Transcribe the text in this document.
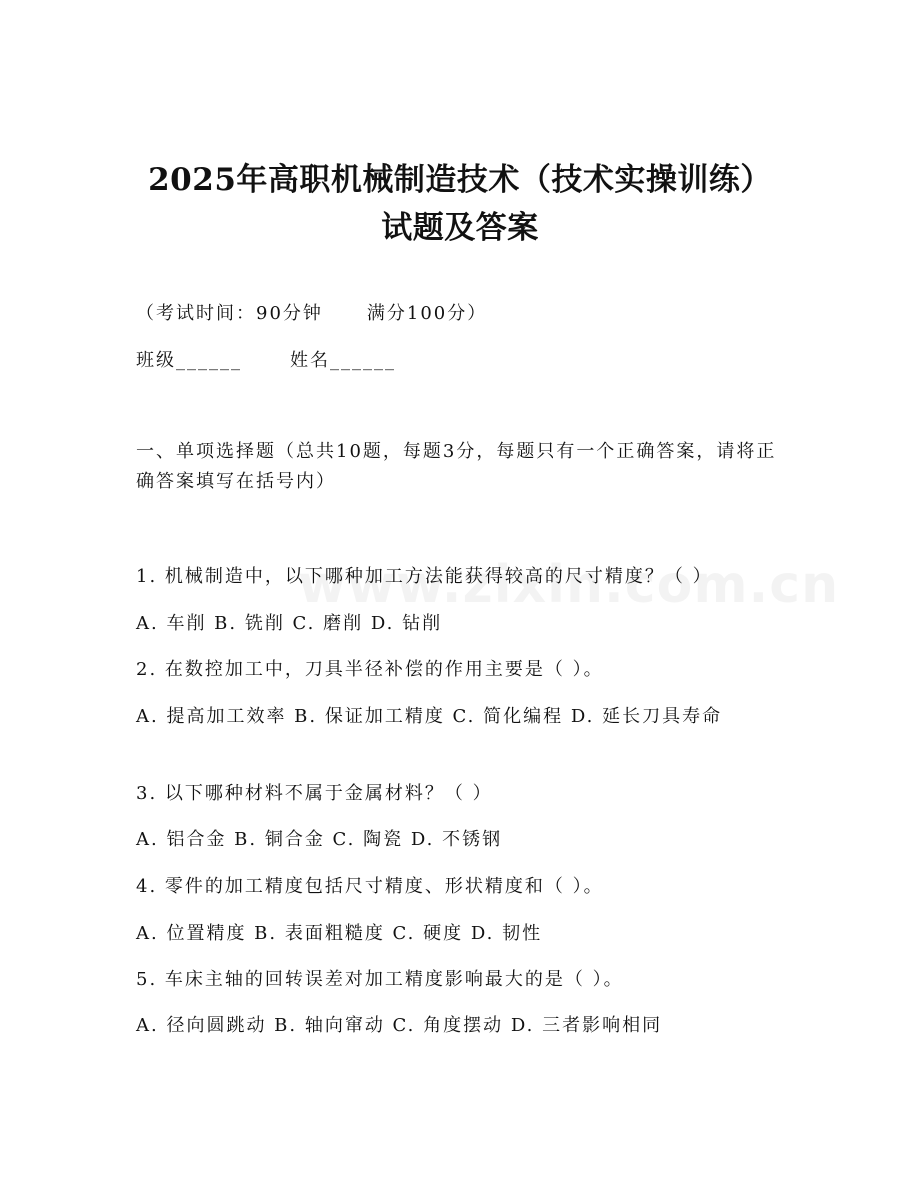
2025年高职机械制造技术（技术实操训练）
试题及答案
（考试时间：90分钟 满分100分）
班级______	姓名______
一、单项选择题（总共10题，每题3分，每题只有一个正确答案，请将正确答案填写在括号内）
1. 机械制造中，以下哪种加工方法能获得较高的尺寸精度？（ ）
A. 车削 B. 铣削 C. 磨削 D. 钻削
2. 在数控加工中，刀具半径补偿的作用主要是（ ）。
A. 提高加工效率 B. 保证加工精度 C. 简化编程 D. 延长刀具寿命
3. 以下哪种材料不属于金属材料？（ ）
A. 铝合金 B. 铜合金 C. 陶瓷 D. 不锈钢
4. 零件的加工精度包括尺寸精度、形状精度和（ ）。
A. 位置精度 B. 表面粗糙度 C. 硬度 D. 韧性
5. 车床主轴的回转误差对加工精度影响最大的是（ ）。
A. 径向圆跳动 B. 轴向窜动 C. 角度摆动 D. 三者影响相同
